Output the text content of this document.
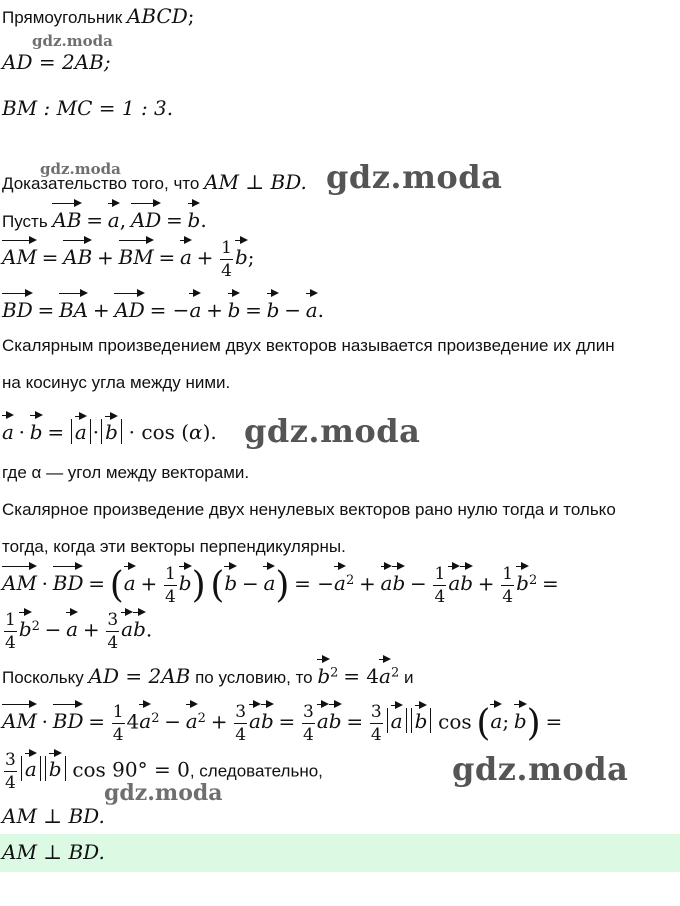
Прямоугольник ABCD;
gdz.moda
AD = 2AB;
BM : MC = 1 : 3.
gdz.moda
Доказательство того, что AM ⊥ BD. gdz.moda
Пусть AB = a, AD = b.
AM = AB + BM = $a + \frac{1}{4} b$;
BD = BA + AD = −a + b = b − a.
Скалярным произведением двух векторов называется произведение их длин
на косинус угла между ними.
a · b = a · b · cos (α). gdz.moda
где α — угол между векторами.
Скалярное произведение двух ненулевых векторов рано нулю тогда и только
тогда, когда эти векторы перпендикулярны.
AM · BD = $(a + \frac{1}{4} b)$ $(b - a) = -a^2$ + ab − $\frac{1}{4}$ ab + $\frac{1}{4} b^2$ =
$\frac{1}{4} b^2 - a + \frac{3}{4}$ ab.
Поскольку AD = 2AB по условию, то $b^2 = 4a^2$ и
AM · BD = $\frac{1}{4} 4a^2 - a^2 + \frac{3}{4}$ ab = $\frac{3}{4}$ ab = $\frac{3}{4}$ a b cos (a; b) =
$\frac{3}{4}$ a b cos 90° = 0, следовательно,	gdz.moda
gdz.moda
AM ⊥ BD.
AM ⊥ BD.
